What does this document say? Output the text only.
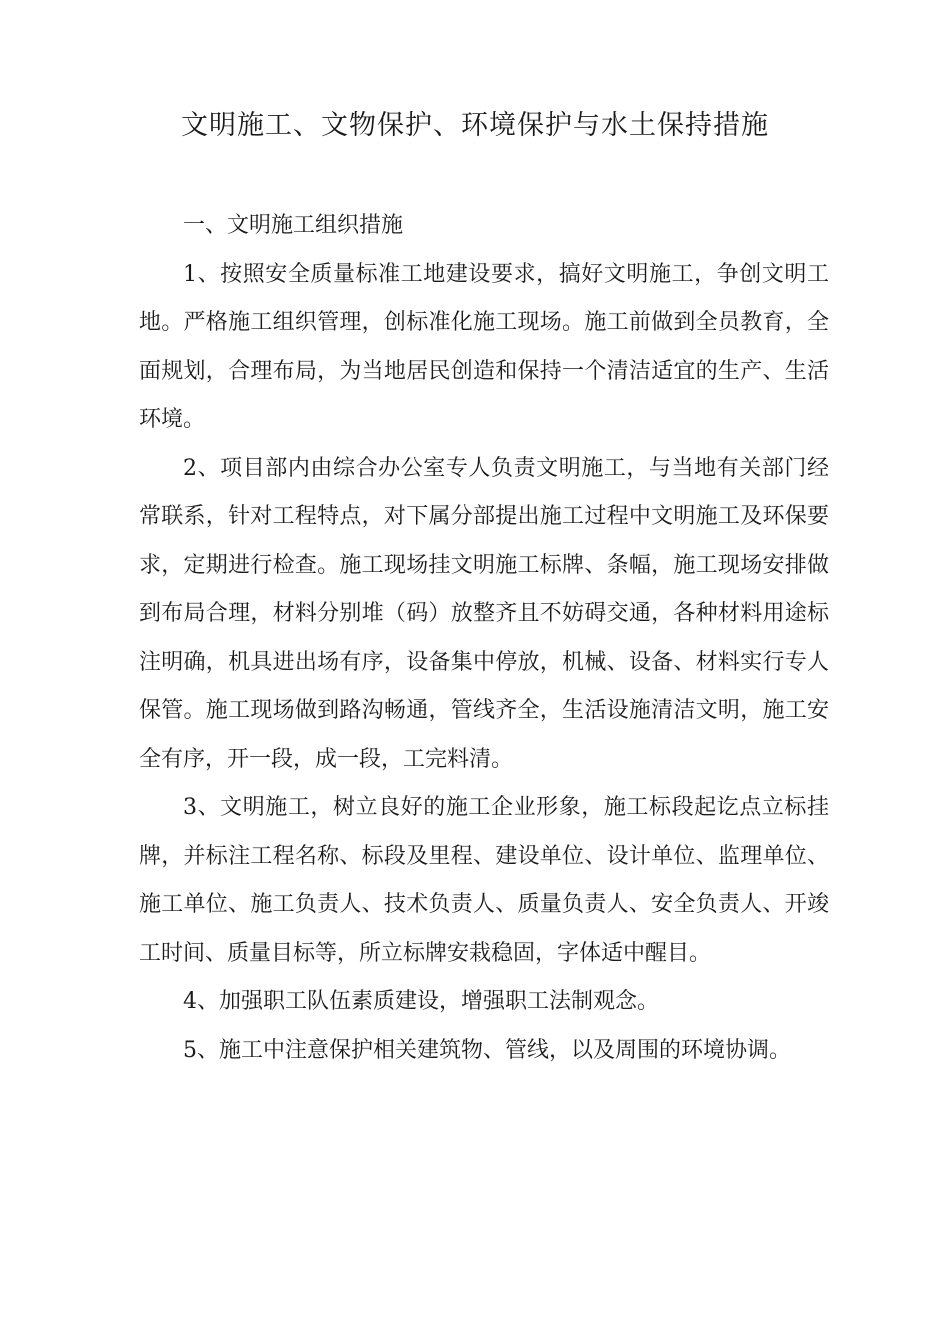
文明施工、文物保护、环境保护与水土保持措施

一、文明施工组织措施

1、按照安全质量标准工地建设要求，搞好文明施工，争创文明工地。严格施工组织管理，创标准化施工现场。施工前做到全员教育，全面规划，合理布局，为当地居民创造和保持一个清洁适宜的生产、生活环境。

2、项目部内由综合办公室专人负责文明施工，与当地有关部门经常联系，针对工程特点，对下属分部提出施工过程中文明施工及环保要求，定期进行检查。施工现场挂文明施工标牌、条幅，施工现场安排做到布局合理，材料分别堆（码）放整齐且不妨碍交通，各种材料用途标注明确，机具进出场有序，设备集中停放，机械、设备、材料实行专人保管。施工现场做到路沟畅通，管线齐全，生活设施清洁文明，施工安全有序，开一段，成一段，工完料清。

3、文明施工，树立良好的施工企业形象，施工标段起讫点立标挂牌，并标注工程名称、标段及里程、建设单位、设计单位、监理单位、施工单位、施工负责人、技术负责人、质量负责人、安全负责人、开竣工时间、质量目标等，所立标牌安栽稳固，字体适中醒目。

4、加强职工队伍素质建设，增强职工法制观念。

5、施工中注意保护相关建筑物、管线，以及周围的环境协调。
